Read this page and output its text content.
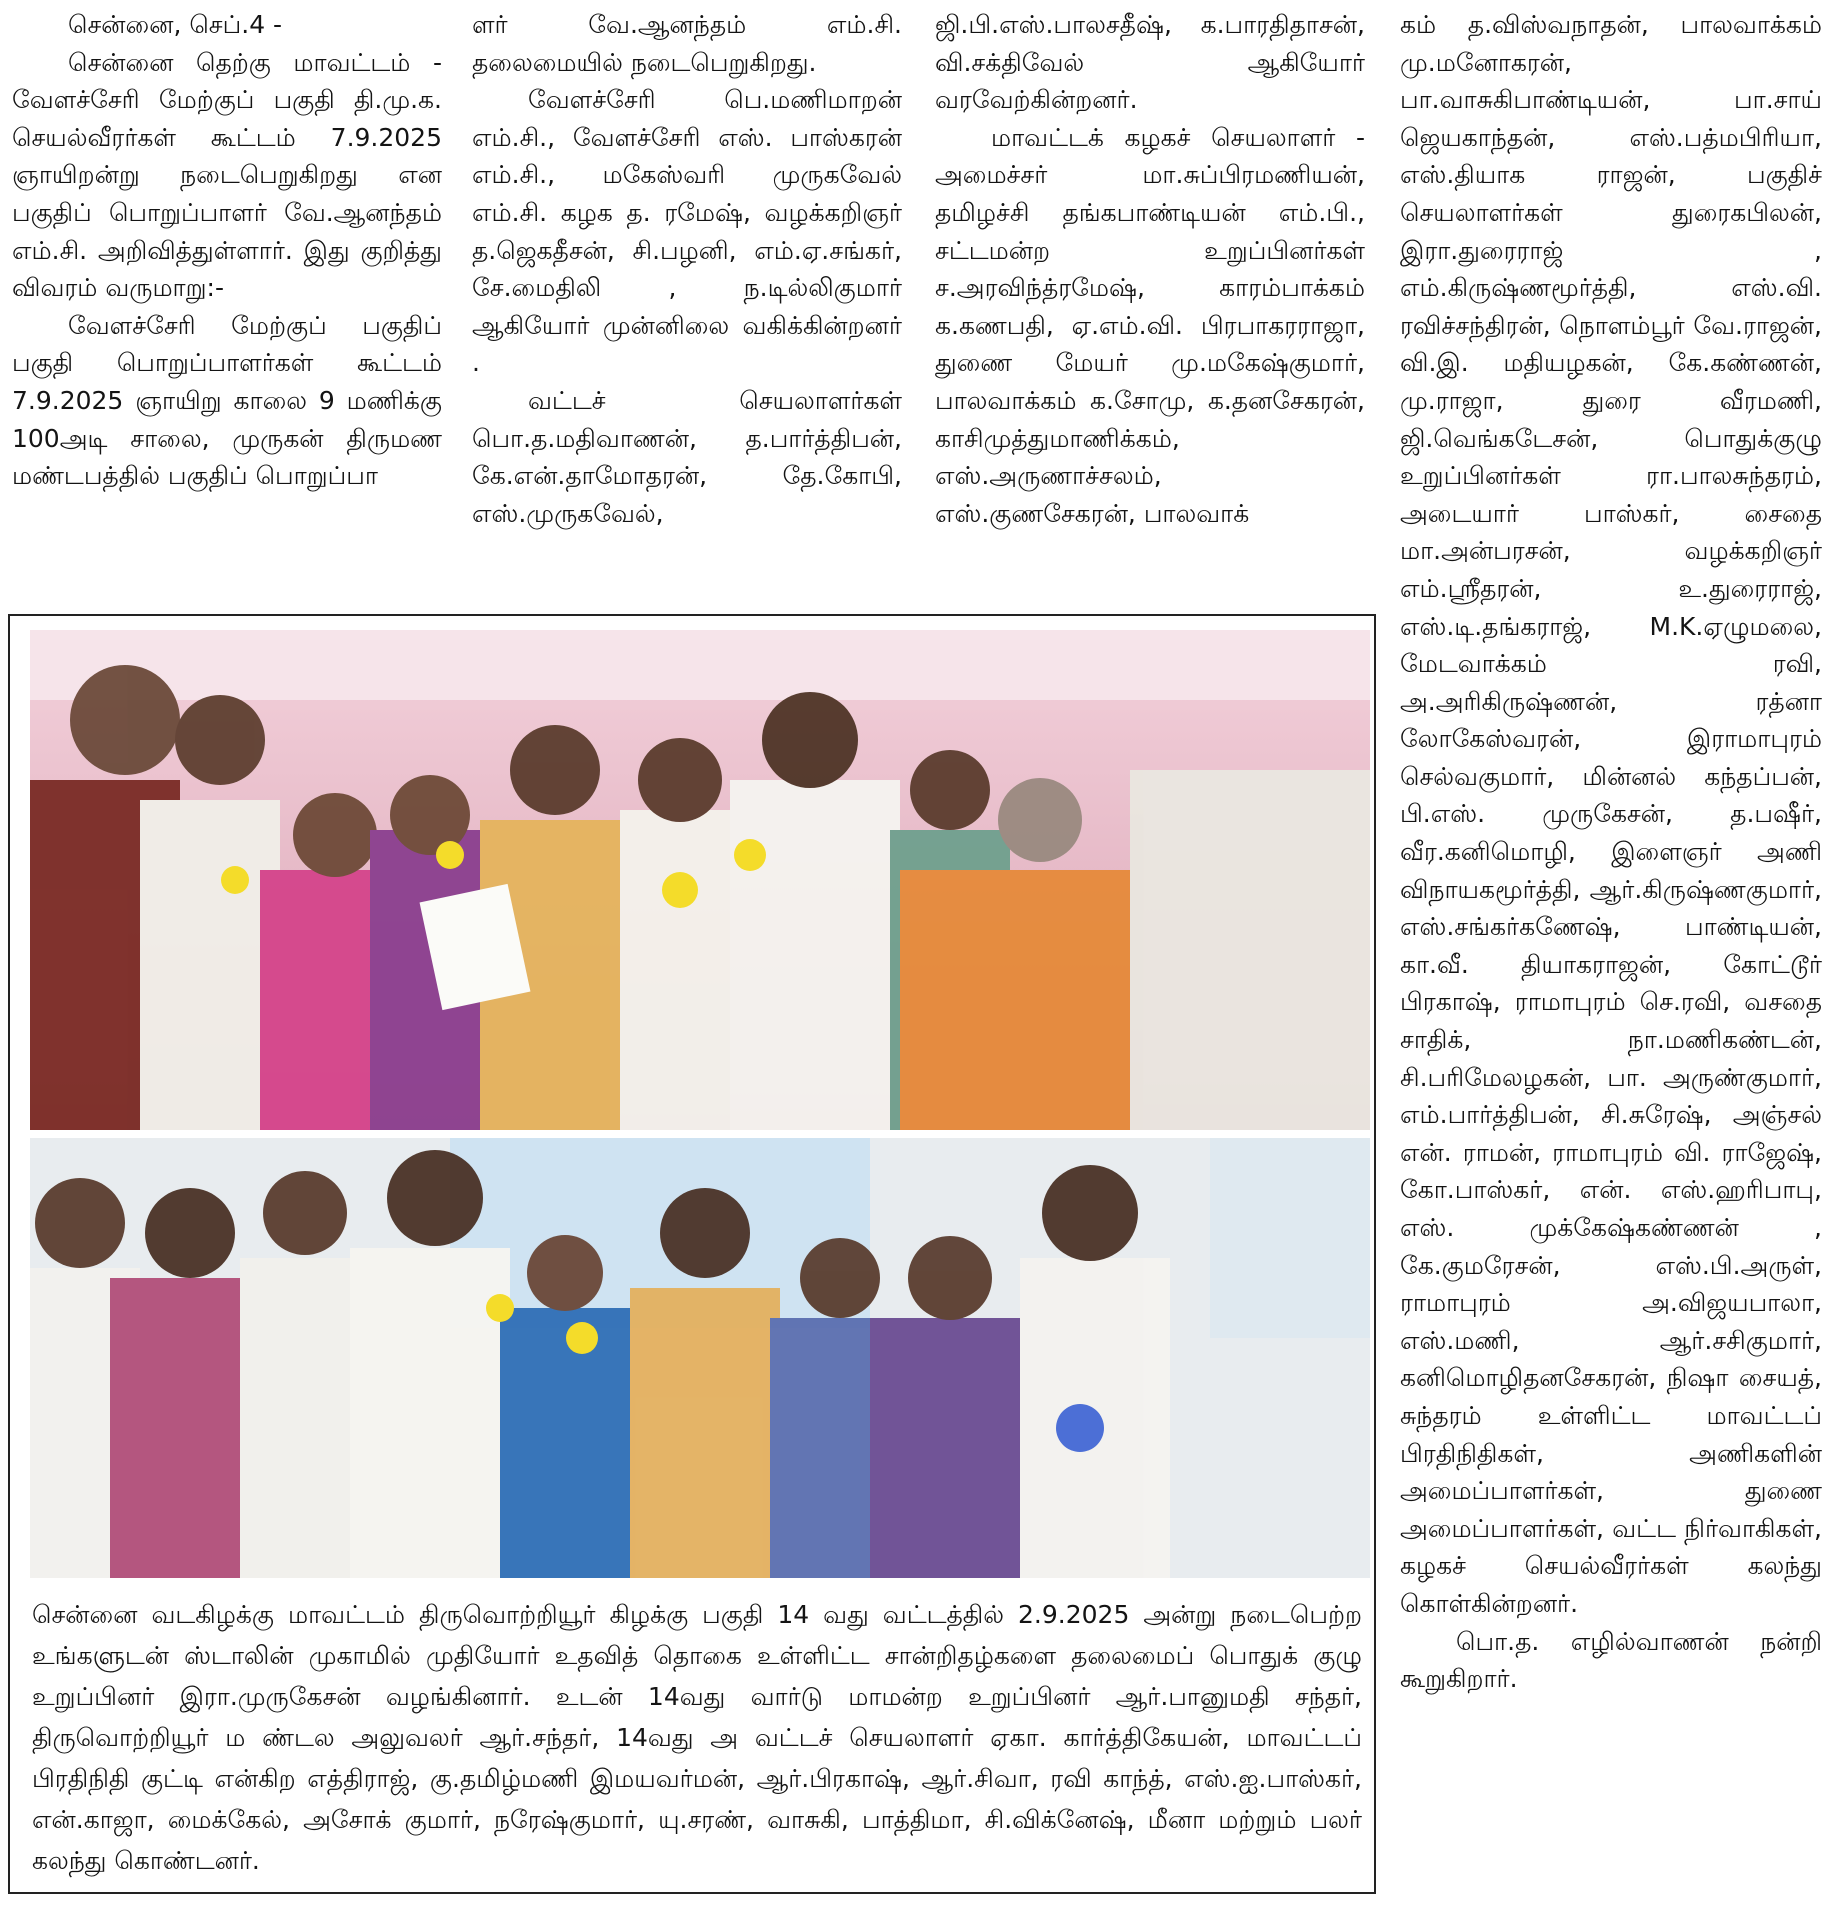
சென்னை, செப்.4 -

சென்னை தெற்கு மாவட்டம் - வேளச்சேரி மேற்குப் பகுதி தி.மு.க. செயல்வீரர்கள் கூட்டம் 7.9.2025 ஞாயிறன்று நடைபெறுகிறது என பகுதிப் பொறுப்பாளர் வே.ஆனந்தம் எம்.சி. அறிவித்துள்ளார். இது குறித்து விவரம் வருமாறு:-

வேளச்சேரி மேற்குப் பகுதிப் பகுதி பொறுப்பாளர்கள் கூட்டம் 7.9.2025 ஞாயிறு காலை 9 மணிக்கு 100அடி சாலை, முருகன் திருமண மண்டபத்தில் பகுதிப் பொறுப்பா

ளர் வே.ஆனந்தம் எம்.சி. தலைமையில் நடைபெறுகிறது.

வேளச்சேரி பெ.மணிமாறன் எம்.சி., வேளச்சேரி எஸ். பாஸ்கரன் எம்.சி., மகேஸ்வரி முருகவேல் எம்.சி. கழக த. ரமேஷ், வழக்கறிஞர் த.ஜெகதீசன், சி.பழனி, எம்.ஏ.சங்கர், சே.மைதிலி , ந.டில்லிகுமார் ஆகியோர் முன்னிலை வகிக்கின்றனர் .

வட்டச் செயலாளர்கள் பொ.த.மதிவாணன், த.பார்த்திபன், கே.என்.தாமோதரன், தே.கோபி, எஸ்.முருகவேல்,

ஜி.பி.எஸ்.பாலசதீஷ், க.பாரதிதாசன், வி.சக்திவேல் ஆகியோர் வரவேற்கின்றனர்.

மாவட்டக் கழகச் செயலாளர் - அமைச்சர் மா.சுப்பிரமணியன், தமிழச்சி தங்கபாண்டியன் எம்.பி., சட்டமன்ற உறுப்பினர்கள் ச.அரவிந்த்ரமேஷ், காரம்பாக்கம் க.கணபதி, ஏ.எம்.வி. பிரபாகரராஜா, துணை மேயர் மு.மகேஷ்குமார், பாலவாக்கம் க.சோமு, க.தனசேகரன், காசிமுத்துமாணிக்கம், எஸ்.அருணாச்சலம், எஸ்.குணசேகரன், பாலவாக்

கம் த.விஸ்வநாதன், பாலவாக்கம் மு.மனோகரன், பா.வாசுகிபாண்டியன், பா.சாய் ஜெயகாந்தன், எஸ்.பத்மபிரியா, எஸ்.தியாக ராஜன், பகுதிச் செயலாளர்கள் துரைகபிலன், இரா.துரைராஜ் , எம்.கிருஷ்ணமூர்த்தி, எஸ்.வி. ரவிச்சந்திரன், நொளம்பூர் வே.ராஜன், வி.இ. மதியழகன், கே.கண்ணன், மு.ராஜா, துரை வீரமணி, ஜி.வெங்கடேசன், பொதுக்குழு உறுப்பினர்கள் ரா.பாலசுந்தரம், அடையார் பாஸ்கர், சைதை மா.அன்பரசன், வழக்கறிஞர் எம்.ஸ்ரீதரன், உ.துரைராஜ், எஸ்.டி.தங்கராஜ், M.K.ஏழுமலை, மேடவாக்கம் ரவி, அ.அரிகிருஷ்ணன், ரத்னா லோகேஸ்வரன், இராமாபுரம் செல்வகுமார், மின்னல் கந்தப்பன், பி.எஸ். முருகேசன், த.பஷீர், வீர.கனிமொழி, இளைஞர் அணி விநாயகமூர்த்தி, ஆர்.கிருஷ்ணகுமார், எஸ்.சங்கர்கணேஷ், பாண்டியன், கா.வீ. தியாகராஜன், கோட்டூர் பிரகாஷ், ராமாபுரம் செ.ரவி, வசதை சாதிக், நா.மணிகண்டன், சி.பரிமேலழகன், பா. அருண்குமார், எம்.பார்த்திபன், சி.சுரேஷ், அஞ்சல் என். ராமன், ராமாபுரம் வி. ராஜேஷ், கோ.பாஸ்கர், என். எஸ்.ஹரிபாபு, எஸ். முக்கேஷ்கண்ணன் , கே.குமரேசன், எஸ்.பி.அருள், ராமாபுரம் அ.விஜயபாலா, எஸ்.மணி, ஆர்.சசிகுமார், கனிமொழிதனசேகரன், நிஷா சையத், சுந்தரம் உள்ளிட்ட மாவட்டப் பிரதிநிதிகள், அணிகளின் அமைப்பாளர்கள், துணை அமைப்பாளர்கள், வட்ட நிர்வாகிகள், கழகச் செயல்வீரர்கள் கலந்து கொள்கின்றனர்.

பொ.த. எழில்வாணன் நன்றி கூறுகிறார்.

சென்னை வடகிழக்கு மாவட்டம் திருவொற்றியூர் கிழக்கு பகுதி 14 வது வட்டத்தில் 2.9.2025 அன்று நடைபெற்ற உங்களுடன் ஸ்டாலின் முகாமில் முதியோர் உதவித் தொகை உள்ளிட்ட சான்றிதழ்களை தலைமைப் பொதுக் குழு உறுப்பினர் இரா.முருகேசன் வழங்கினார். உடன் 14வது வார்டு மாமன்ற உறுப்பினர் ஆர்.பானுமதி சந்தர், திருவொற்றியூர் ம ண்டல அலுவலர் ஆர்.சந்தர், 14வது அ வட்டச் செயலாளர் ஏகா. கார்த்திகேயன், மாவட்டப் பிரதிநிதி குட்டி என்கிற எத்திராஜ், கு.தமிழ்மணி இமயவர்மன், ஆர்.பிரகாஷ், ஆர்.சிவா, ரவி காந்த், எஸ்.ஐ.பாஸ்கர், என்.காஜா, மைக்கேல், அசோக் குமார், நரேஷ்குமார், யு.சரண், வாசுகி, பாத்திமா, சி.விக்னேஷ், மீனா மற்றும் பலர் கலந்து கொண்டனர்.
